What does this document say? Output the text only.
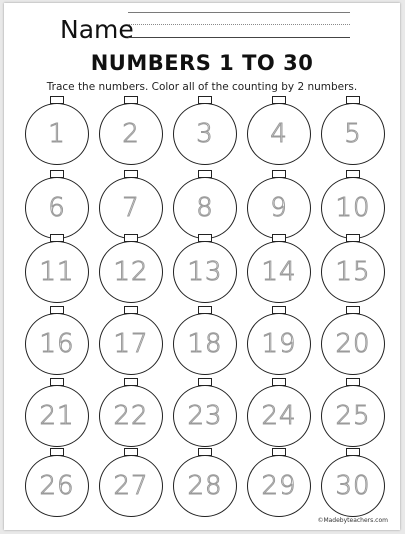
Name
NUMBERS 1 TO 30
Trace the numbers. Color all of the counting by 2 numbers.
©Madebyteachers.com
1	2	3	4	5
6	7	8	9	10
11	12	13	14	15
16	17	18	19	20
21	22	23	24	25
26	27	28	29	30
